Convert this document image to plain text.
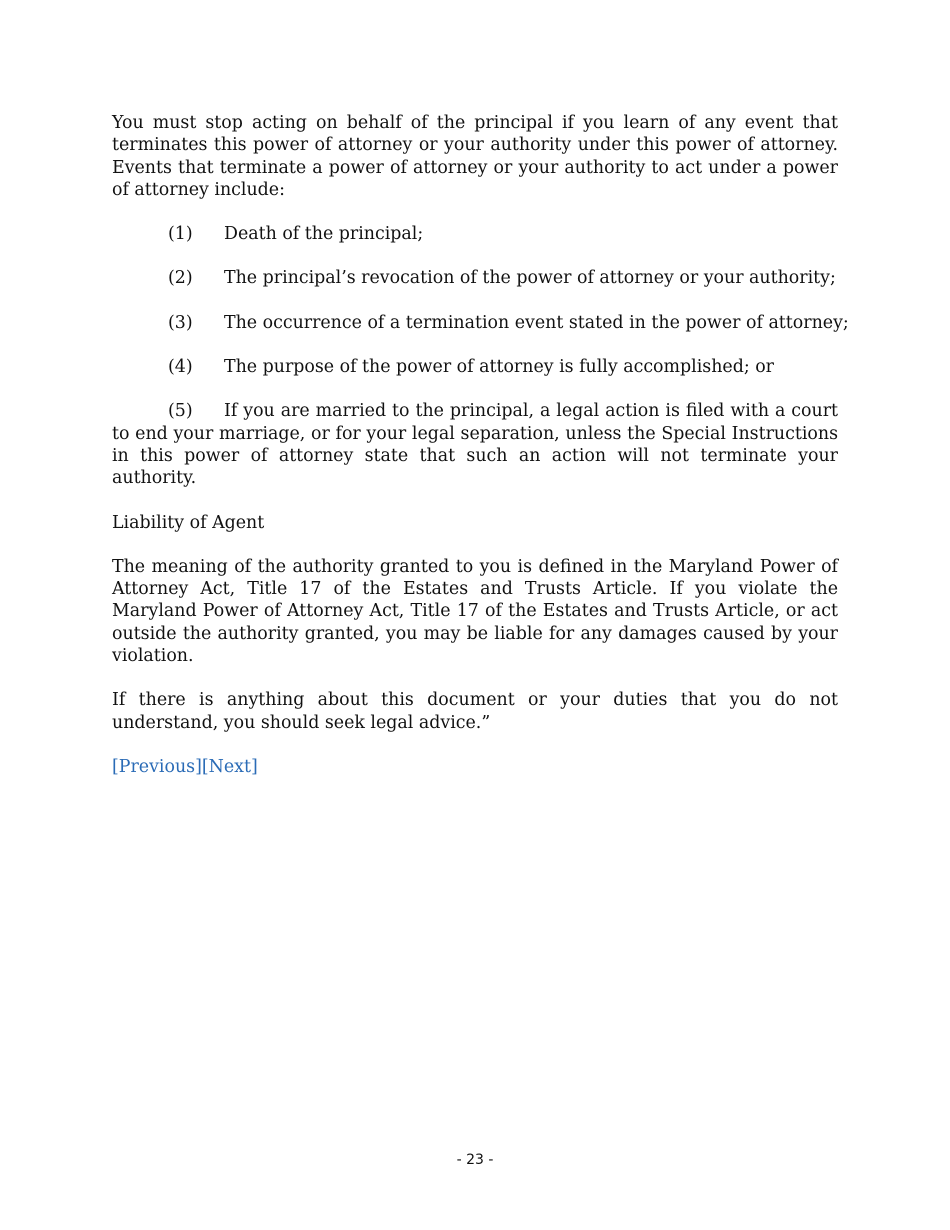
You must stop acting on behalf of the principal if you learn of any event that terminates this power of attorney or your authority under this power of attorney. Events that terminate a power of attorney or your authority to act under a power of attorney include:

(1)	Death of the principal;
(2)	The principal’s revocation of the power of attorney or your authority;
(3)	The occurrence of a termination event stated in the power of attorney;
(4)	The purpose of the power of attorney is fully accomplished; or
(5) If you are married to the principal, a legal action is filed with a court to end your marriage, or for your legal separation, unless the Special Instructions in this power of attorney state that such an action will not terminate your authority.

Liability of Agent

The meaning of the authority granted to you is defined in the Maryland Power of Attorney Act, Title 17 of the Estates and Trusts Article. If you violate the Maryland Power of Attorney Act, Title 17 of the Estates and Trusts Article, or act outside the authority granted, you may be liable for any damages caused by your violation.

If there is anything about this document or your duties that you do not understand, you should seek legal advice.”

[Previous][Next]

- 23 -
